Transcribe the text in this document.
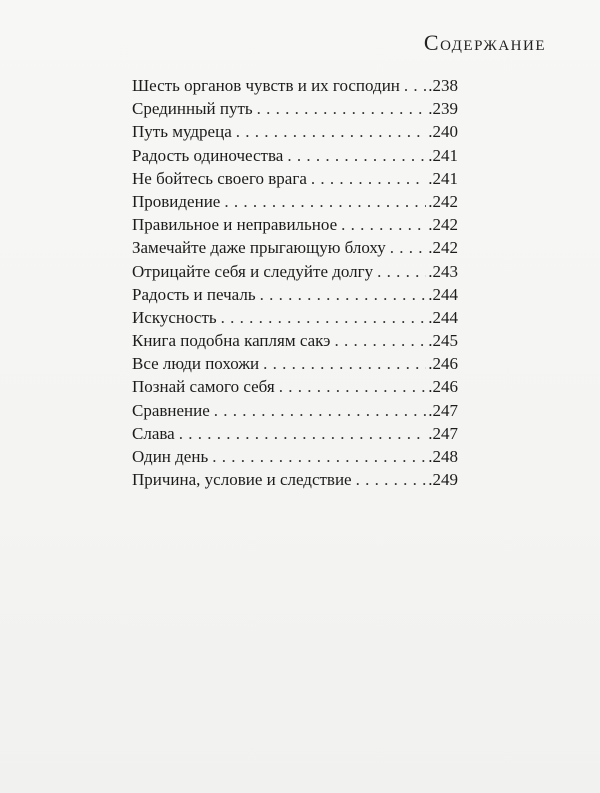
Содержание
Шесть органов чувств и их господин . . . .238
Срединный путь . . .	.239
Путь мудреца . . .	.240
Радость одиночества . . .	.241
Не бойтесь своего врага . . .	.241
Провидение . . .	.242
Правильное и неправильное . . .	.242
Замечайте даже прыгающую блоху . . . .242
Отрицайте себя и следуйте долгу . . .	.243
Радость и печаль . . .	.244
Искусность . . .	.244
Книга подобна каплям сакэ . . .	.245
Все люди похожи . . .	.246
Познай самого себя . . .	.246
Сравнение . . .	.247
Слава . . .	.247
Один день . . .	.248
Причина, условие и следствие . . .	.249
